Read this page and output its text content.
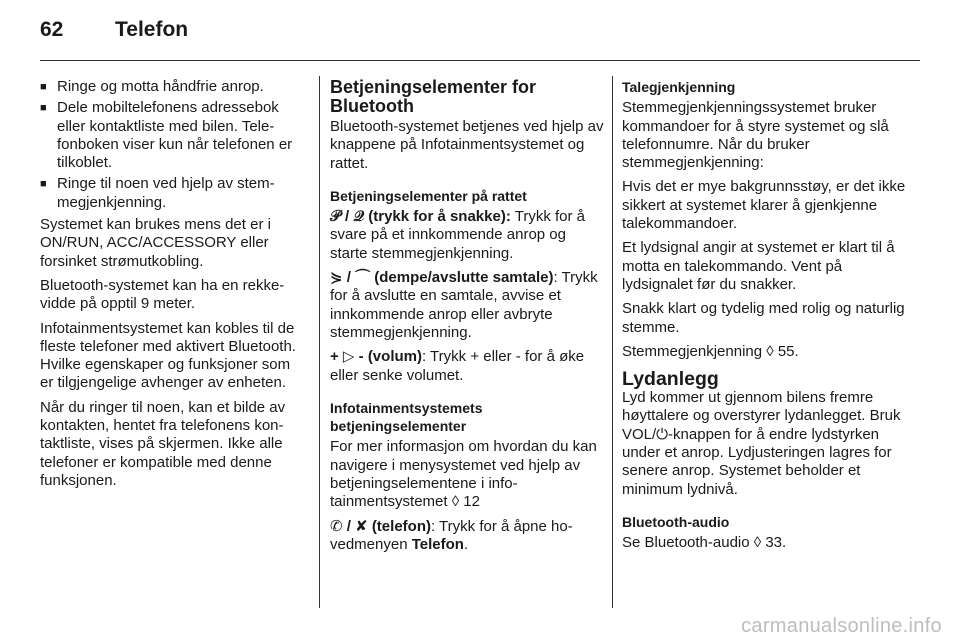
62	Telefon
■ Ringe og motta håndfrie anrop.
■ Dele mobiltelefonens adressebok eller kontaktliste med bilen. Telefonboken viser kun når telefonen er tilkoblet.
■ Ringe til noen ved hjelp av stemmegjenkjenning.

Systemet kan brukes mens det er i ON/RUN, ACC/ACCESSORY eller forsinket strømutkobling.

Bluetooth-systemet kan ha en rekkevidde på opptil 9 meter.

Infotainmentsystemet kan kobles til de fleste telefoner med aktivert Bluetooth. Hvilke egenskaper og funksjoner som er tilgjengelige avhenger av enheten.

Når du ringer til noen, kan et bilde av kontakten, hentet fra telefonens kontaktliste, vises på skjermen. Ikke alle telefoner er kompatible med denne funksjonen.

Betjeningselementer for Bluetooth

Bluetooth-systemet betjenes ved hjelp av knappene på Infotainmentsystemet og rattet.

Betjeningselementer på rattet

𝒫 / 𝒬 (trykk for å snakke): Trykk for å svare på et innkommende anrop og starte stemmegjenkjenning.

⋟ / ⌒ (dempe/avslutte samtale): Trykk for å avslutte en samtale, avvise et innkommende anrop eller avbryte stemmegjenkjenning.

+ ▷ - (volum): Trykk + eller - for å øke eller senke volumet.

Infotainmentsystemets betjeningselementer

For mer informasjon om hvordan du kan navigere i menysystemet ved hjelp av betjeningselementene i infotainmentsystemet ◊ 12

✆ / ✘ (telefon): Trykk for å åpne hovedmenyen Telefon.

Talegjenkjenning

Stemmegjenkjenningssystemet bruker kommandoer for å styre systemet og slå telefonnumre. Når du bruker stemmegjenkjenning:

Hvis det er mye bakgrunnsstøy, er det ikke sikkert at systemet klarer å gjenkjenne talekommandoer.

Et lydsignal angir at systemet er klart til å motta en talekommando. Vent på lydsignalet før du snakker.

Snakk klart og tydelig med rolig og naturlig stemme.

Stemmegjenkjenning ◊ 55.

Lydanlegg

Lyd kommer ut gjennom bilens fremre høyttalere og overstyrer lydanlegget. Bruk VOL/⏻-knappen for å endre lydstyrken under et anrop. Lydjusteringen lagres for senere anrop. Systemet beholder et minimum lydnivå.

Bluetooth-audio

Se Bluetooth-audio ◊ 33.

carmanualsonline.info
